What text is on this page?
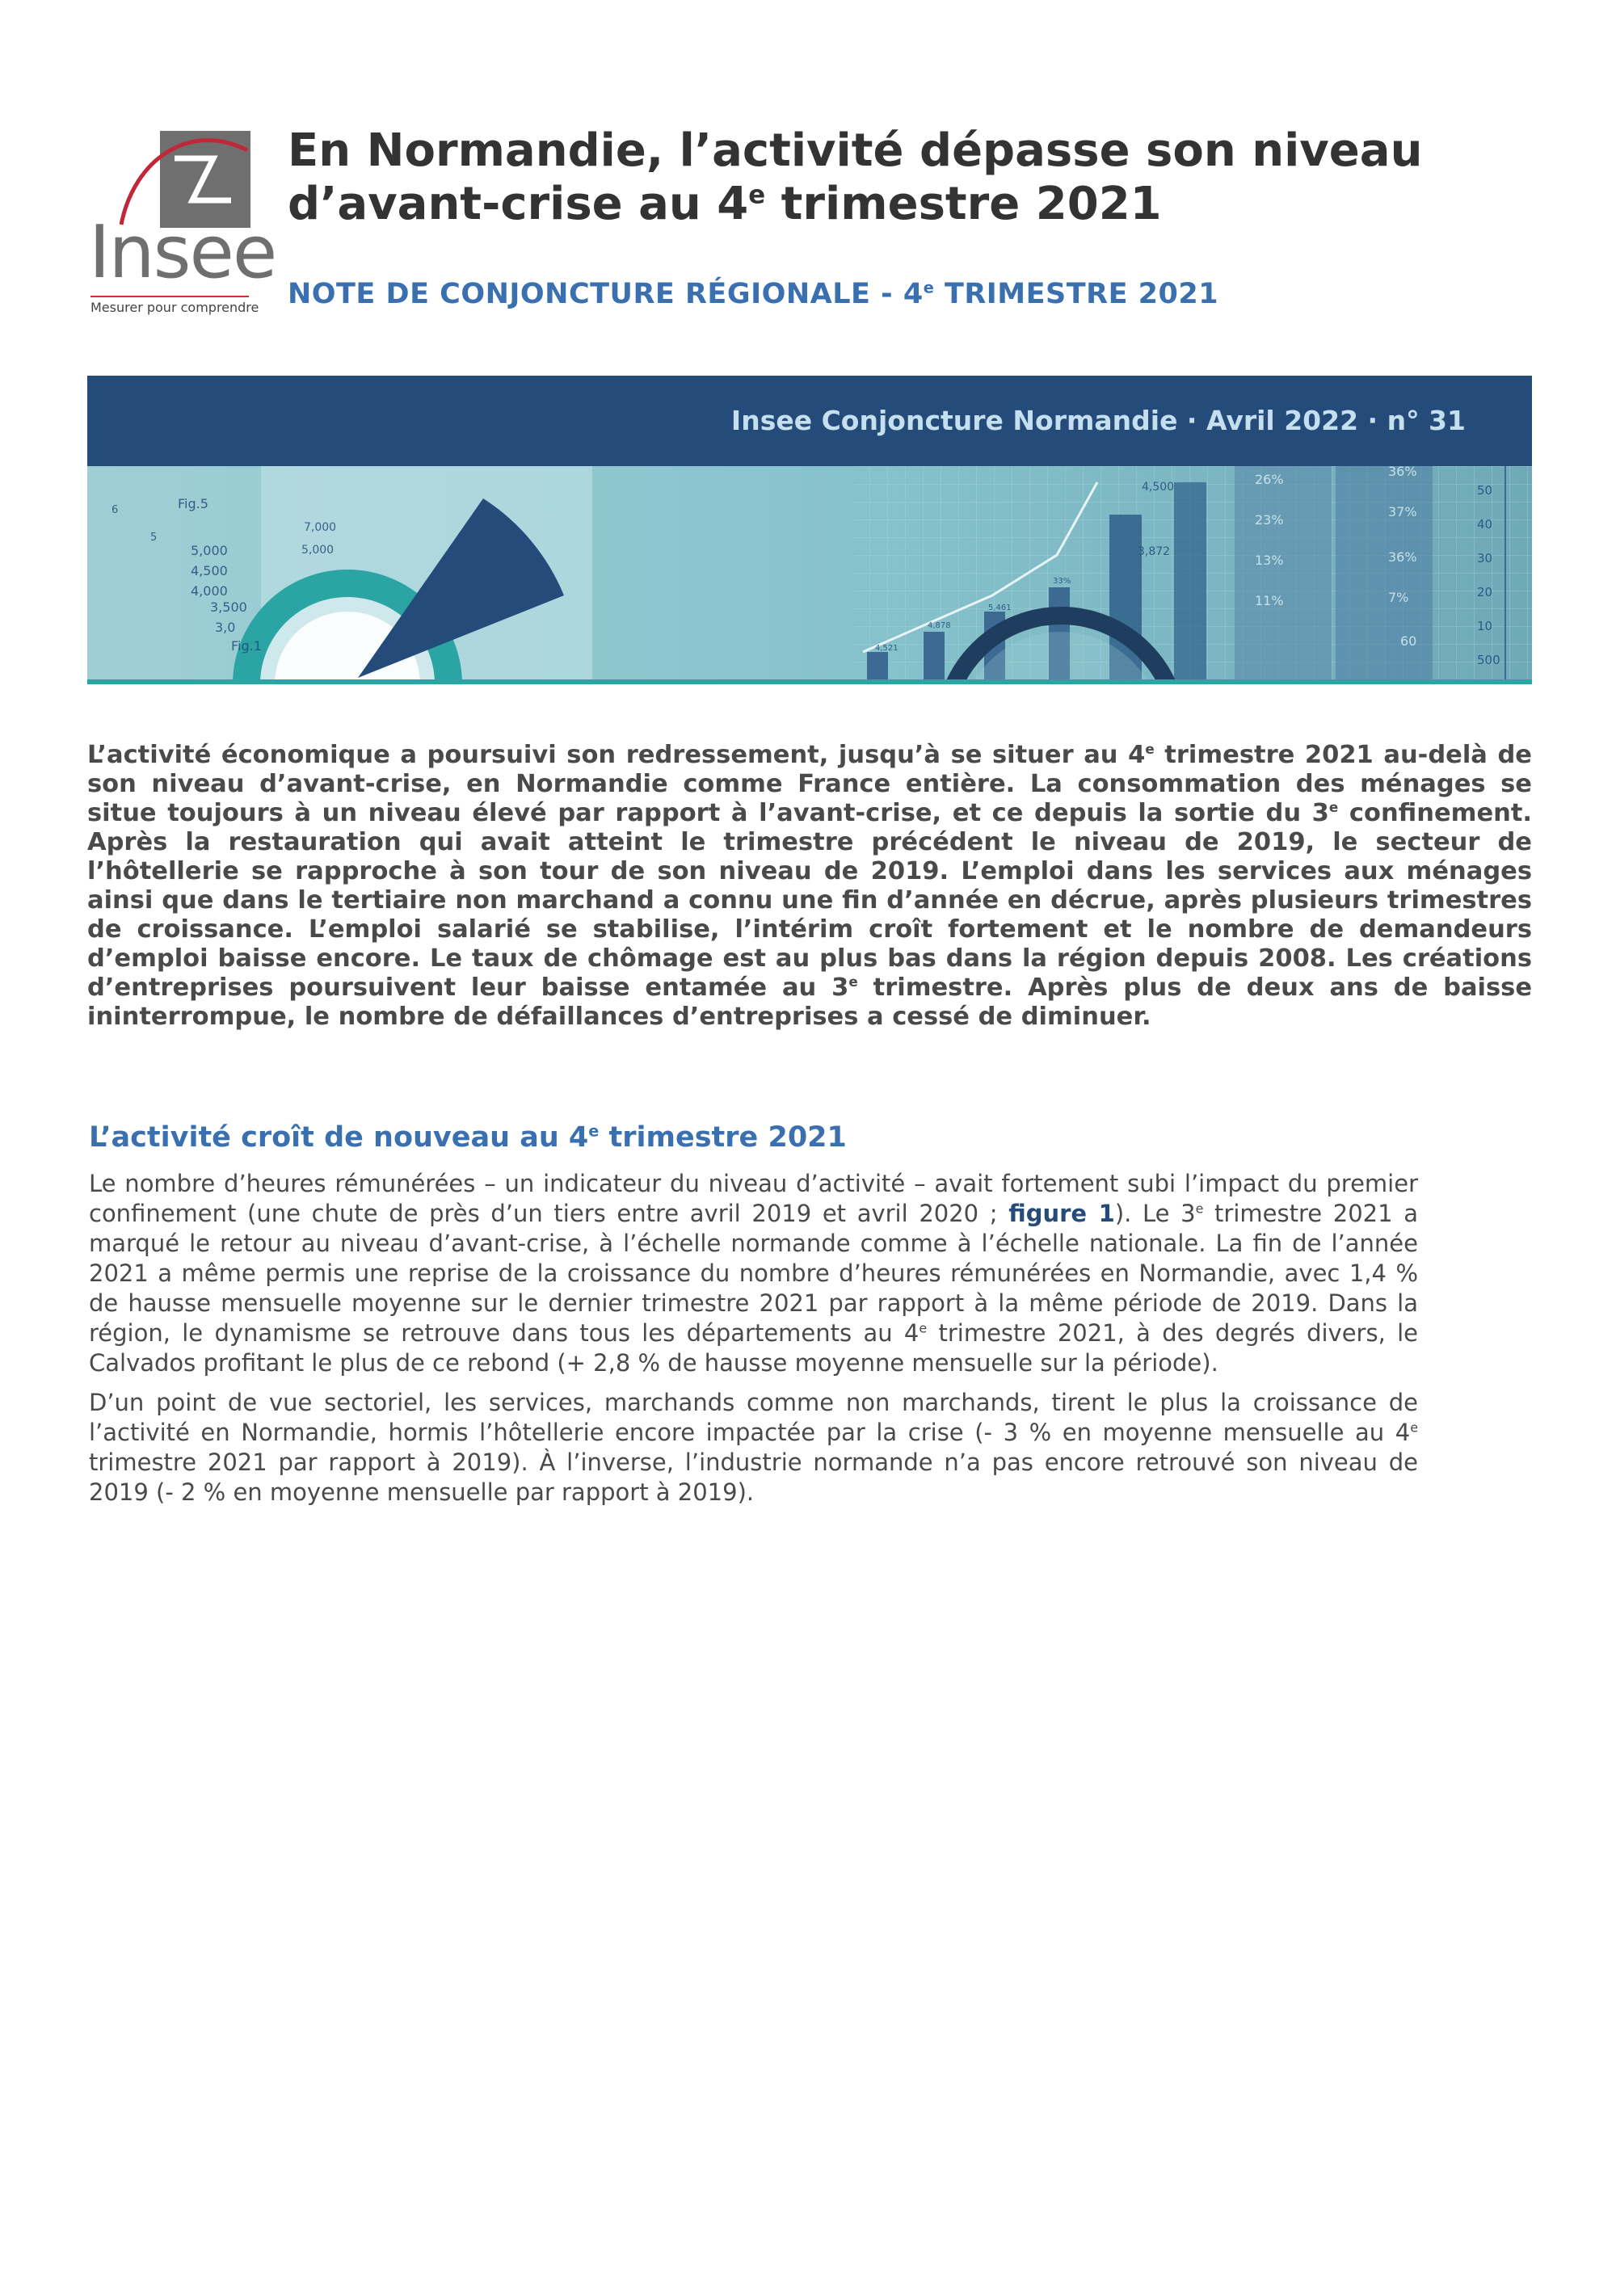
Insee
Mesurer pour comprendre
En Normandie, l’activité dépasse son niveau
d’avant-crise au 4e trimestre 2021
NOTE DE CONJONCTURE RÉGIONALE - 4e TRIMESTRE 2021
Insee Conjoncture Normandie · Avril 2022 · n° 31
6
5
Fig.5
5,000
4,500
4,000
3,500
3,0
Fig.1
7,000
5,000
4,500
3,872
4,521
4,878
5,461
33%
26%
36%
23%
37%
13%	36%
11%	7%
60
50
40
30
20
10
500

L’activité économique a poursuivi son redressement, jusqu’à se situer au 4e trimestre 2021 au-delà de son niveau d’avant-crise, en Normandie comme France entière. La consommation des ménages se situe toujours à un niveau élevé par rapport à l’avant-crise, et ce depuis la sortie du 3e confinement. Après la restauration qui avait atteint le trimestre précédent le niveau de 2019, le secteur de l’hôtellerie se rapproche à son tour de son niveau de 2019. L’emploi dans les services aux ménages ainsi que dans le tertiaire non marchand a connu une fin d’année en décrue, après plusieurs trimestres de croissance. L’emploi salarié se stabilise, l’intérim croît fortement et le nombre de demandeurs d’emploi baisse encore. Le taux de chômage est au plus bas dans la région depuis 2008. Les créations d’entreprises poursuivent leur baisse entamée au 3e trimestre. Après plus de deux ans de baisse ininterrompue, le nombre de défaillances d’entreprises a cessé de diminuer.

L’activité croît de nouveau au 4e trimestre 2021

Le nombre d’heures rémunérées – un indicateur du niveau d’activité – avait fortement subi l’impact du premier confinement (une chute de près d’un tiers entre avril 2019 et avril 2020 ; figure 1). Le 3e trimestre 2021 a marqué le retour au niveau d’avant-crise, à l’échelle normande comme à l’échelle nationale. La fin de l’année 2021 a même permis une reprise de la croissance du nombre d’heures rémunérées en Normandie, avec 1,4 % de hausse mensuelle moyenne sur le dernier trimestre 2021 par rapport à la même période de 2019. Dans la région, le dynamisme se retrouve dans tous les départements au 4e trimestre 2021, à des degrés divers, le Calvados profitant le plus de ce rebond (+ 2,8 % de hausse moyenne mensuelle sur la période).

D’un point de vue sectoriel, les services, marchands comme non marchands, tirent le plus la croissance de l’activité en Normandie, hormis l’hôtellerie encore impactée par la crise (- 3 % en moyenne mensuelle au 4e trimestre 2021 par rapport à 2019). À l’inverse, l’industrie normande n’a pas encore retrouvé son niveau de 2019 (- 2 % en moyenne mensuelle par rapport à 2019).
